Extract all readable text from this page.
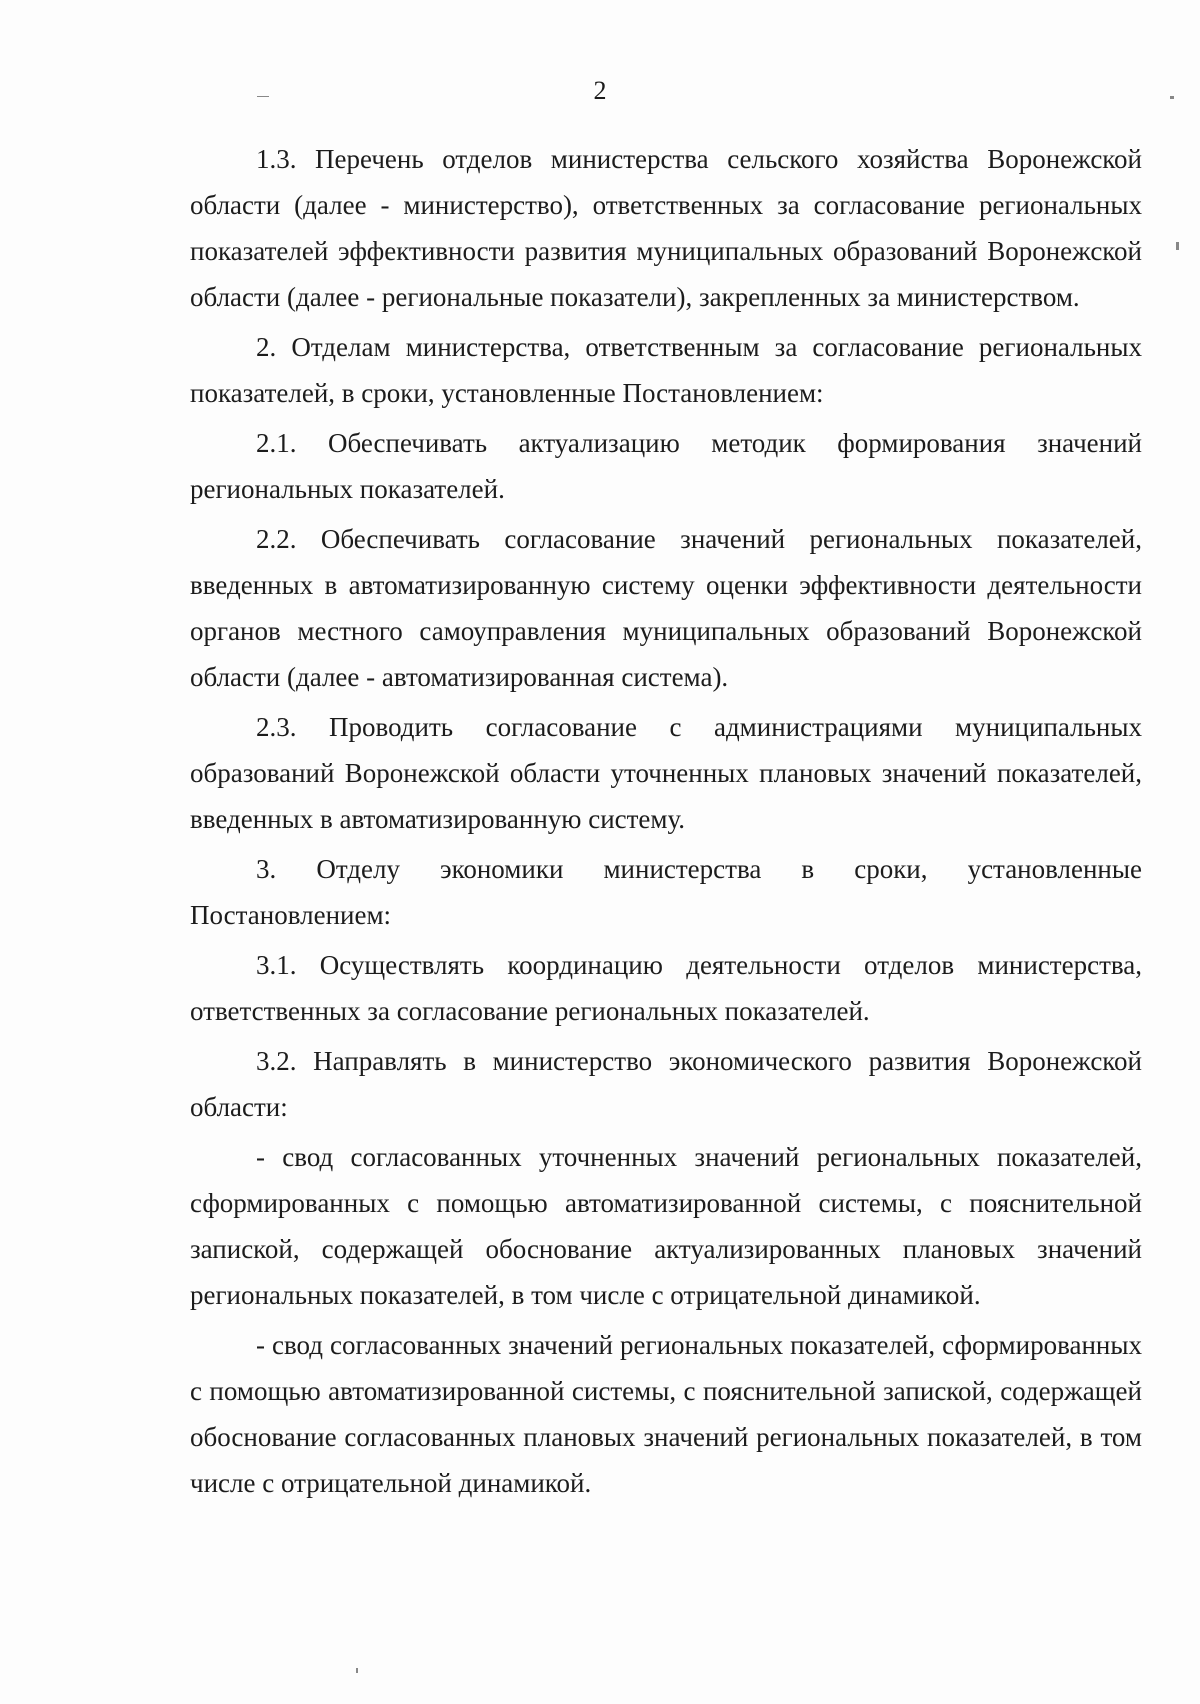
2

1.3. Перечень отделов министерства сельского хозяйства Воронежской области (далее - министерство), ответственных за согласование региональных показателей эффективности развития муниципальных образований Воронежской области (далее - региональные показатели), закрепленных за министерством.

2. Отделам министерства, ответственным за согласование региональных показателей, в сроки, установленные Постановлением:

2.1. Обеспечивать актуализацию методик формирования значений региональных показателей.

2.2. Обеспечивать согласование значений региональных показателей, введенных в автоматизированную систему оценки эффективности деятельности органов местного самоуправления муниципальных образований Воронежской области (далее - автоматизированная система).

2.3. Проводить согласование с администрациями муниципальных образований Воронежской области уточненных плановых значений показателей, введенных в автоматизированную систему.

3. Отделу экономики министерства в сроки, установленные Постановлением:

3.1. Осуществлять координацию деятельности отделов министерства, ответственных за согласование региональных показателей.

3.2. Направлять в министерство экономического развития Воронежской области:

- свод согласованных уточненных значений региональных показателей, сформированных с помощью автоматизированной системы, с пояснительной запиской, содержащей обоснование актуализированных плановых значений региональных показателей, в том числе с отрицательной динамикой.

- свод согласованных значений региональных показателей, сформированных с помощью автоматизированной системы, с пояснительной запиской, содержащей обоснование согласованных плановых значений региональных показателей, в том числе с отрицательной динамикой.
